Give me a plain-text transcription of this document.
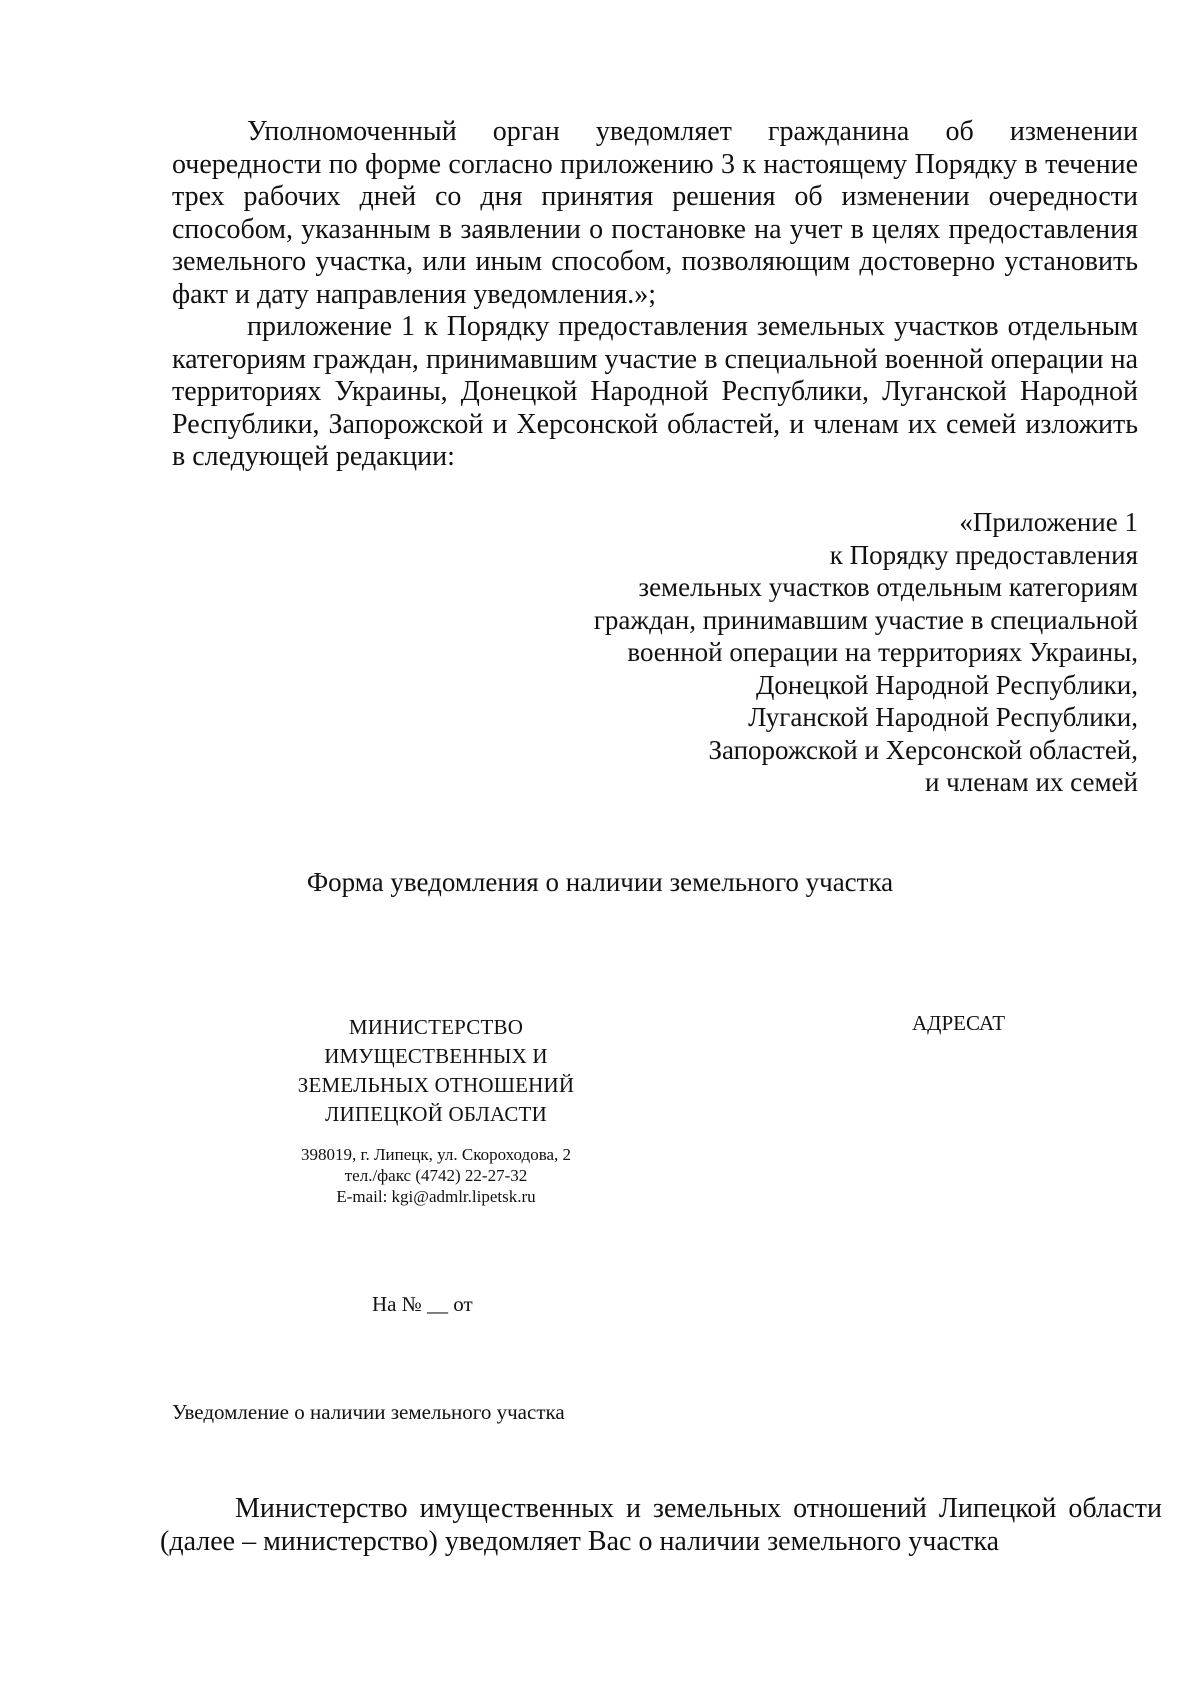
Уполномоченный орган уведомляет гражданина об изменении очередности по форме согласно приложению 3 к настоящему Порядку в течение трех рабочих дней со дня принятия решения об изменении очередности способом, указанным в заявлении о постановке на учет в целях предоставления земельного участка, или иным способом, позволяющим достоверно установить факт и дату направления уведомления.»;

приложение 1 к Порядку предоставления земельных участков отдельным категориям граждан, принимавшим участие в специальной военной операции на территориях Украины, Донецкой Народной Республики, Луганской Народной Республики, Запорожской и Херсонской областей, и членам их семей изложить в следующей редакции:

«Приложение 1
к Порядку предоставления
земельных участков отдельным категориям
граждан, принимавшим участие в специальной
военной операции на территориях Украины,
Донецкой Народной Республики,
Луганской Народной Республики,
Запорожской и Херсонской областей,
и членам их семей
Форма уведомления о наличии земельного участка
МИНИСТЕРСТВО
ИМУЩЕСТВЕННЫХ И
ЗЕМЕЛЬНЫХ ОТНОШЕНИЙ
ЛИПЕЦКОЙ ОБЛАСТИ
398019, г. Липецк, ул. Скороходова, 2
тел./факс (4742) 22-27-32
E-mail: kgi@admlr.lipetsk.ru
АДРЕСАТ
На № __ от
Уведомление о наличии земельного участка

Министерство имущественных и земельных отношений Липецкой области (далее – министерство) уведомляет Вас о наличии земельного участка
